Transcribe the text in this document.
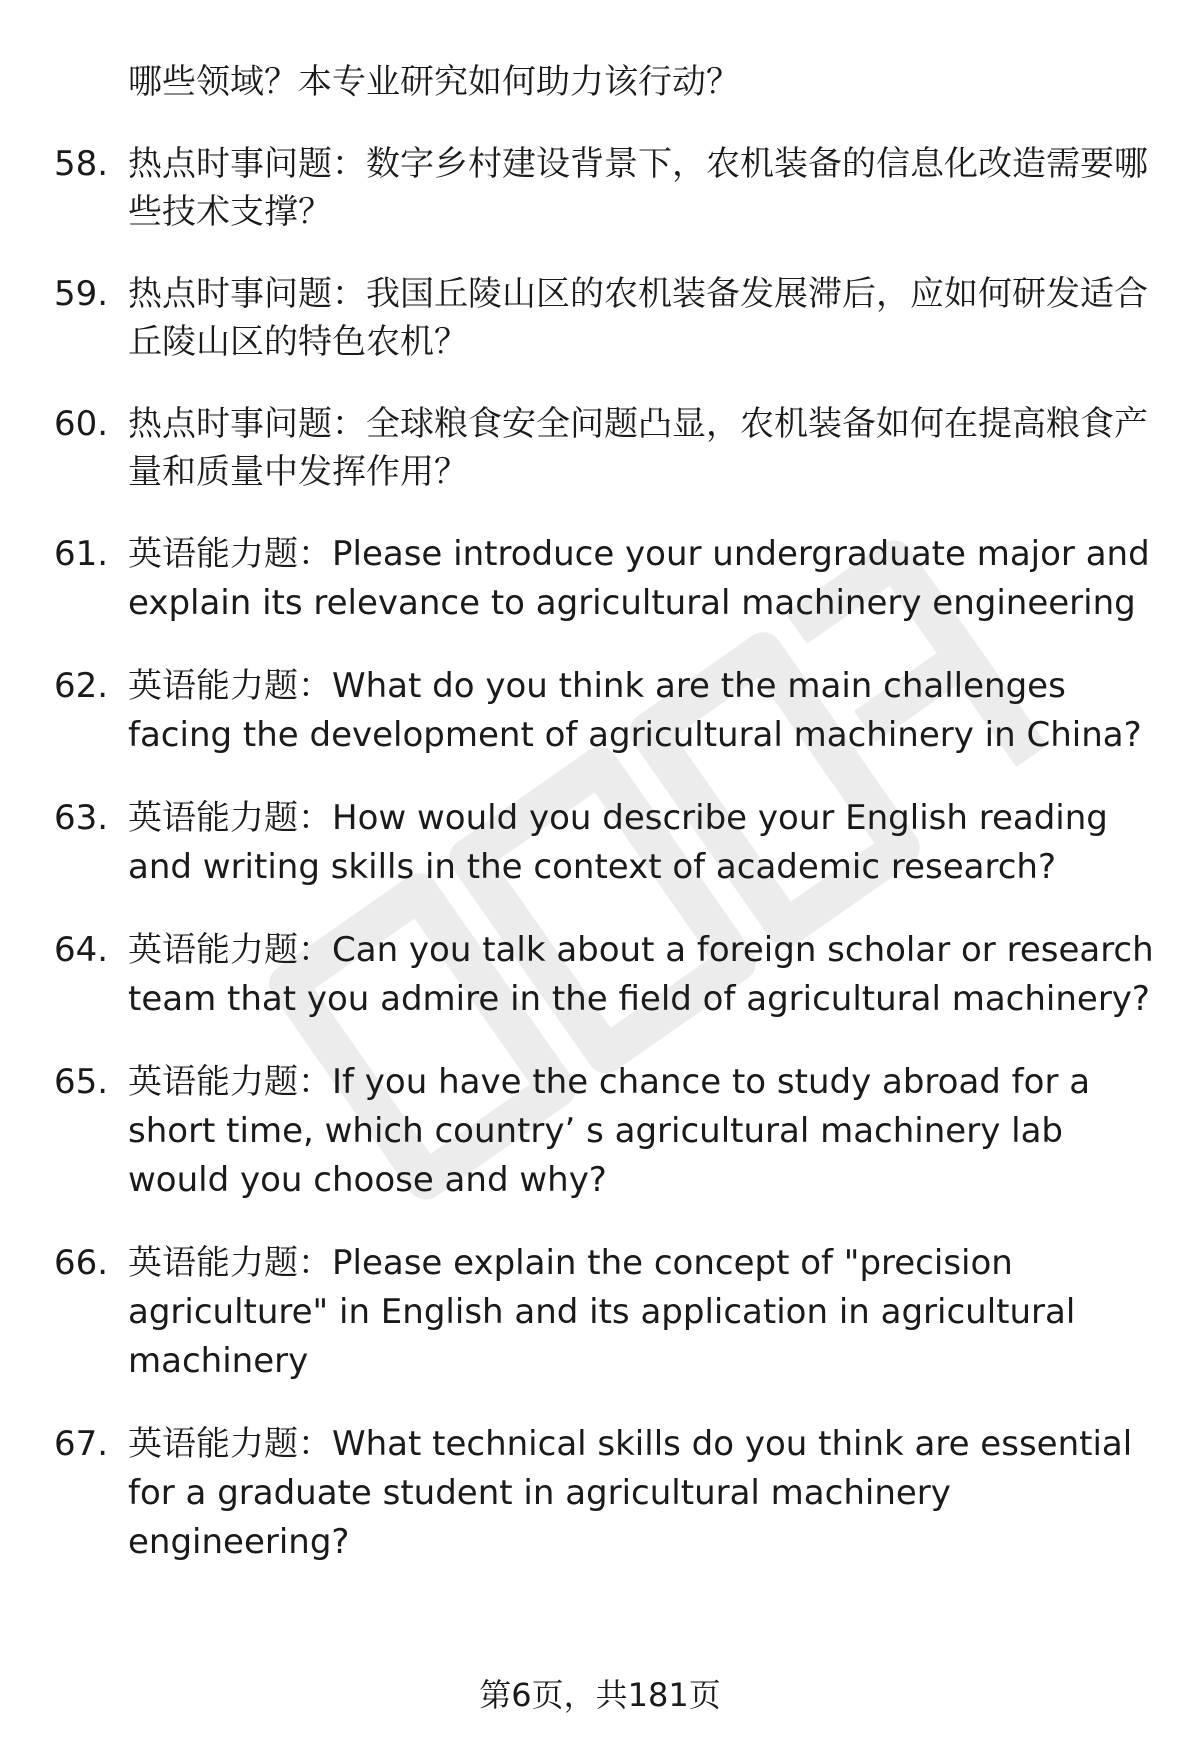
哪些领域？本专业研究如何助力该行动？

58. 热点时事问题：数字乡村建设背景下，农机装备的信息化改造需要哪些技术支撑？
59. 热点时事问题：我国丘陵山区的农机装备发展滞后，应如何研发适合丘陵山区的特色农机？
60. 热点时事问题：全球粮食安全问题凸显，农机装备如何在提高粮食产量和质量中发挥作用？
61. 英语能力题：Please introduce your undergraduate major and explain its relevance to agricultural machinery engineering
62. 英语能力题：What do you think are the main challenges facing the development of agricultural machinery in China?
63. 英语能力题：How would you describe your English reading and writing skills in the context of academic research?
64. 英语能力题：Can you talk about a foreign scholar or research team that you admire in the field of agricultural machinery?
65. 英语能力题：If you have the chance to study abroad for a short time, which country’ s agricultural machinery lab would you choose and why?
66. 英语能力题：Please explain the concept of "precision agriculture" in English and its application in agricultural machinery
67. 英语能力题：What technical skills do you think are essential for a graduate student in agricultural machinery engineering?
第6页，共181页
